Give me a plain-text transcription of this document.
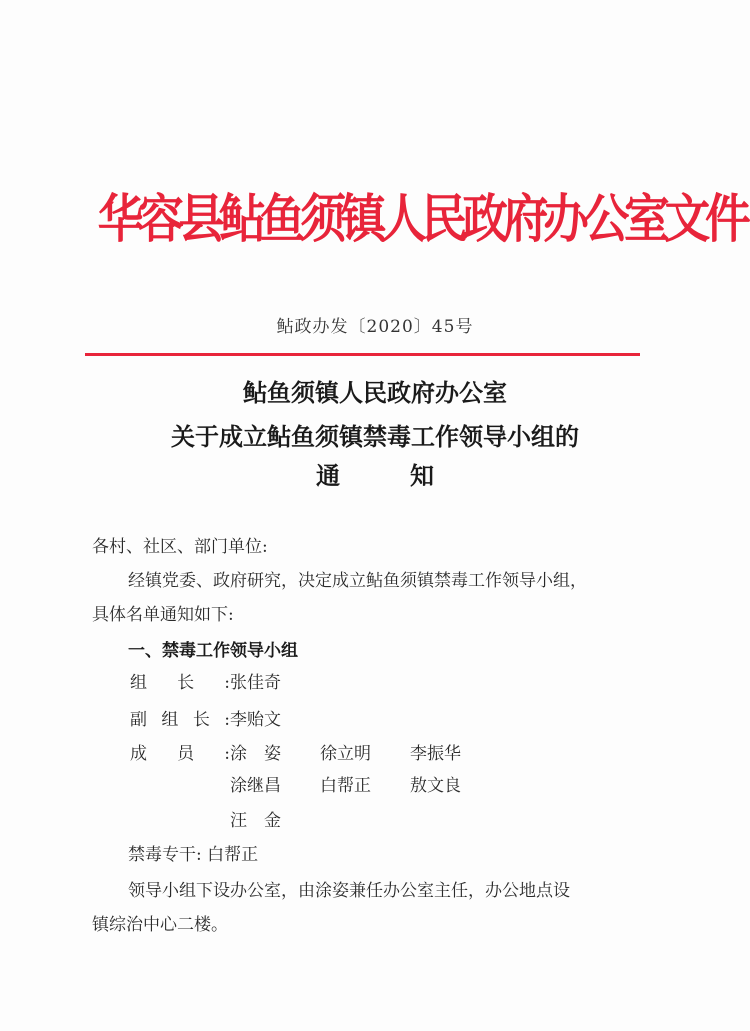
华容县鲇鱼须镇人民政府办公室文件
鲇政办发〔2020〕45号
鲇鱼须镇人民政府办公室
关于成立鲇鱼须镇禁毒工作领导小组的
通知
各村、社区、部门单位:
经镇党委、政府研究，决定成立鲇鱼须镇禁毒工作领导小组，
具体名单通知如下:
一、禁毒工作领导小组
组长:张佳奇
副组长:李贻文
成员:涂　姿 徐立明 李振华
涂继昌 白帮正 敖文良
汪　金
禁毒专干: 白帮正
领导小组下设办公室，由涂姿兼任办公室主任，办公地点设
镇综治中心二楼。
